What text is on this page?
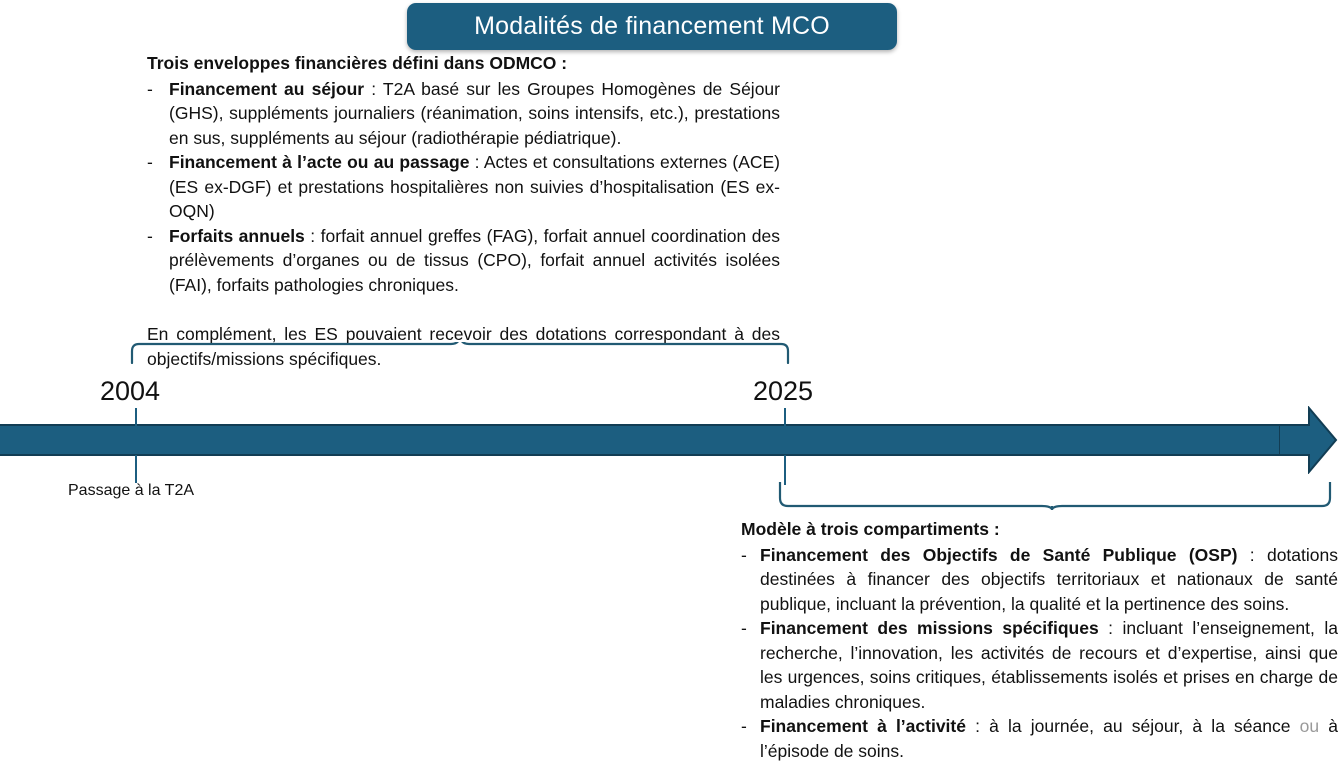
Modalités de financement MCO

Trois enveloppes financières défini dans ODMCO :

- Financement au séjour : T2A basé sur les Groupes Homogènes de Séjour (GHS), suppléments journaliers (réanimation, soins intensifs, etc.), prestations en sus, suppléments au séjour (radiothérapie pédiatrique).
- Financement à l’acte ou au passage : Actes et consultations externes (ACE) (ES ex-DGF) et prestations hospitalières non suivies d’hospitalisation (ES ex-OQN)
- Forfaits annuels : forfait annuel greffes (FAG), forfait annuel coordination des prélèvements d’organes ou de tissus (CPO), forfait annuel activités isolées (FAI), forfaits pathologies chroniques.

En complément, les ES pouvaient recevoir des dotations correspondant à des objectifs/missions spécifiques.

2004	2025
Passage à la T2A

Modèle à trois compartiments :

- Financement des Objectifs de Santé Publique (OSP) : dotations destinées à financer des objectifs territoriaux et nationaux de santé publique, incluant la prévention, la qualité et la pertinence des soins.
- Financement des missions spécifiques : incluant l’enseignement, la recherche, l’innovation, les activités de recours et d’expertise, ainsi que les urgences, soins critiques, établissements isolés et prises en charge de maladies chroniques.
- Financement à l’activité : à la journée, au séjour, à la séance ou à l’épisode de soins.
